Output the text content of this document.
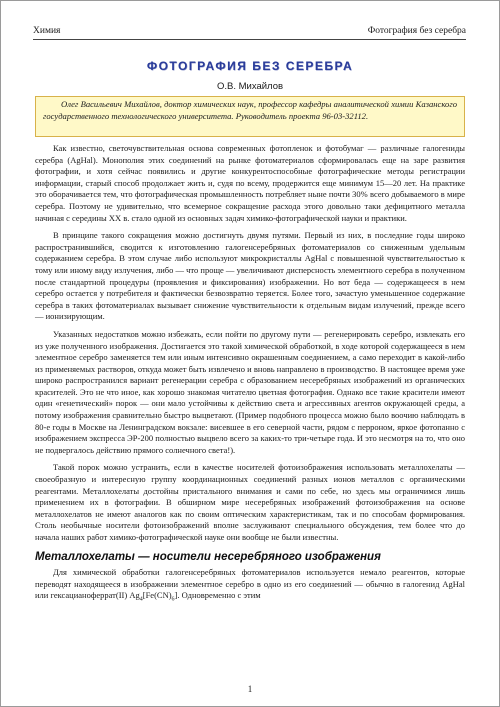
Химия	Фотография без серебра
ФОТОГРАФИЯ БЕЗ СЕРЕБРА
О.В. Михайлов
Олег Васильевич Михайлов, доктор химических наук, профессор кафедры аналитической химии Казанского государственного технологического университета. Руководитель проекта 96-03-32112.

Как известно, светочувствительная основа современных фотопленок и фотобумаг — различные галогениды серебра (AgHal). Монополия этих соединений на рынке фотоматериалов сформировалась еще на заре развития фотографии, и хотя сейчас появились и другие конкурентоспособные фотографические методы регистрации информации, старый способ продолжает жить и, судя по всему, продержится еще минимум 15—20 лет. На практике это оборачивается тем, что фотографическая промышленность потребляет ныне почти 30% всего добываемого в мире серебра. Поэтому не удивительно, что всемерное сокращение расхода этого довольно таки дефицитного металла начиная с середины XX в. стало одной из основных задач химико-фотографической науки и практики.

В принципе такого сокращения можно достигнуть двумя путями. Первый из них, в последние годы широко распространившийся, сводится к изготовлению галогенсеребряных фотоматериалов со сниженным удельным содержанием серебра. В этом случае либо используют микрокристаллы AgHal с повышенной чувствительностью к тому или иному виду излучения, либо — что проще — увеличивают дисперсность элементного серебра в полученном после стандартной процедуры (проявления и фиксирования) изображении. Но вот беда — содержащееся в нем серебро остается у потребителя и фактически безвозвратно теряется. Более того, зачастую уменьшенное содержание серебра в таких фотоматериалах вызывает снижение чувствительности к отдельным видам излучений, прежде всего — ионизирующим.

Указанных недостатков можно избежать, если пойти по другому пути — регенерировать серебро, извлекать его из уже полученного изображения. Достигается это такой химической обработкой, в ходе которой содержащееся в нем элементное серебро заменяется тем или иным интенсивно окрашенным соединением, а само переходит в какой-либо из применяемых растворов, откуда может быть извлечено и вновь направлено в производство. В настоящее время уже широко распространился вариант регенерации серебра с образованием несеребряных изображений из органических красителей. Это не что иное, как хорошо знакомая читателю цветная фотография. Однако все такие красители имеют один «генетический» порок — они мало устойчивы к действию света и агрессивных агентов окружающей среды, а потому изображения сравнительно быстро выцветают. (Пример подобного процесса можно было воочию наблюдать в 80-е годы в Москве на Ленинградском вокзале: висевшее в его северной части, рядом с перроном, яркое фотопанно с изображением экспресса ЭР-200 полностью выцвело всего за каких-то три-четыре года. И это несмотря на то, что оно не подвергалось действию прямого солнечного света!).

Такой порок можно устранить, если в качестве носителей фотоизображения использовать металлохелаты — своеобразную и интересную группу координационных соединений разных ионов металлов с органическими реагентами. Металлохелаты достойны пристального внимания и сами по себе, но здесь мы ограничимся лишь применением их в фотографии. В обширном мире несеребряных изображений фотоизображения на основе металлохелатов не имеют аналогов как по своим оптическим характеристикам, так и по способам формирования. Столь необычные носители фотоизображений вполне заслуживают специального обсуждения, тем более что до начала наших работ химико-фотографической науке они вообще не были известны.

Металлохелаты — носители несеребряного изображения

Для химической обработки галогенсеребряных фотоматериалов используется немало реагентов, которые переводят находящееся в изображении элементное серебро в одно из его соединений — обычно в галогенид AgHal или гексацианоферрат(II) $Ag_4[Fe(CN)_6]$. Одновременно с этим

1
